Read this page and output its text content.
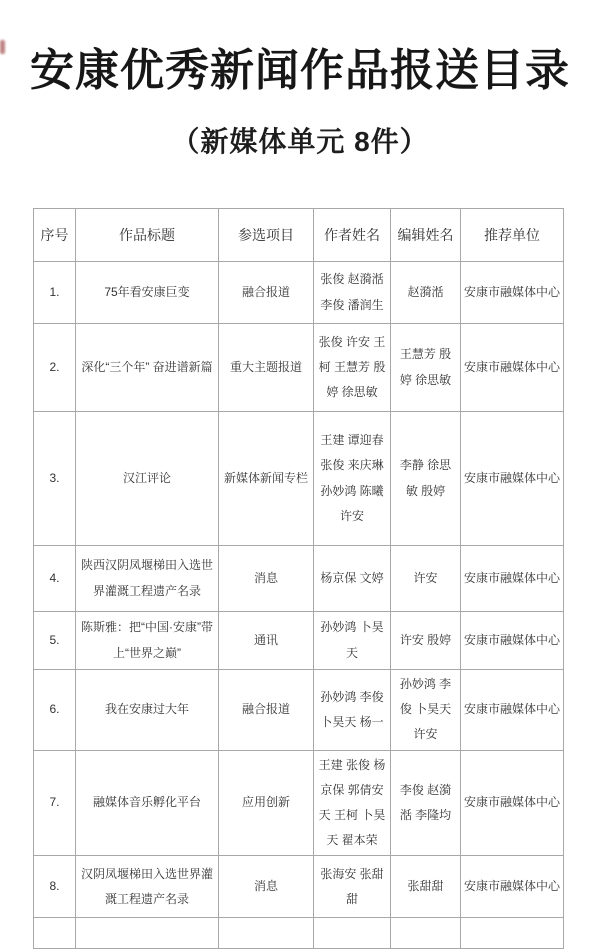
安康优秀新闻作品报送目录
（新媒体单元 8件）
序号	作品标题	参选项目	作者姓名	编辑姓名	推荐单位
1.	75年看安康巨变	融合报道	张俊 赵漪湉 李俊 潘润生	赵漪湉	安康市融媒体中心
2.	深化“三个年” 奋进谱新篇	重大主题报道	张俊 许安 王柯 王慧芳 殷婷 徐思敏	王慧芳 殷婷 徐思敏	安康市融媒体中心
3.	汉江评论	新媒体新闻专栏	王建 谭迎春 张俊 来庆琳 孙妙鸿 陈曦 许安	李静 徐思敏 殷婷	安康市融媒体中心
4.	陕西汉阴凤堰梯田入选世界灌溉工程遗产名录	消息	杨京保 文婷	许安	安康市融媒体中心
5.	陈斯雅：把“中国·安康”带上“世界之巅”	通讯	孙妙鸿 卜昊天	许安 殷婷	安康市融媒体中心
6.	我在安康过大年	融合报道	孙妙鸿 李俊 卜昊天 杨一	孙妙鸿 李俊 卜昊天 许安	安康市融媒体中心
7.	融媒体音乐孵化平台	应用创新	王建 张俊 杨京保 郭倩安天 王柯 卜昊天 翟本荣	李俊 赵漪湉 李隆均	安康市融媒体中心
8.	汉阴凤堰梯田入选世界灌溉工程遗产名录	消息	张海安 张甜甜	张甜甜	安康市融媒体中心
